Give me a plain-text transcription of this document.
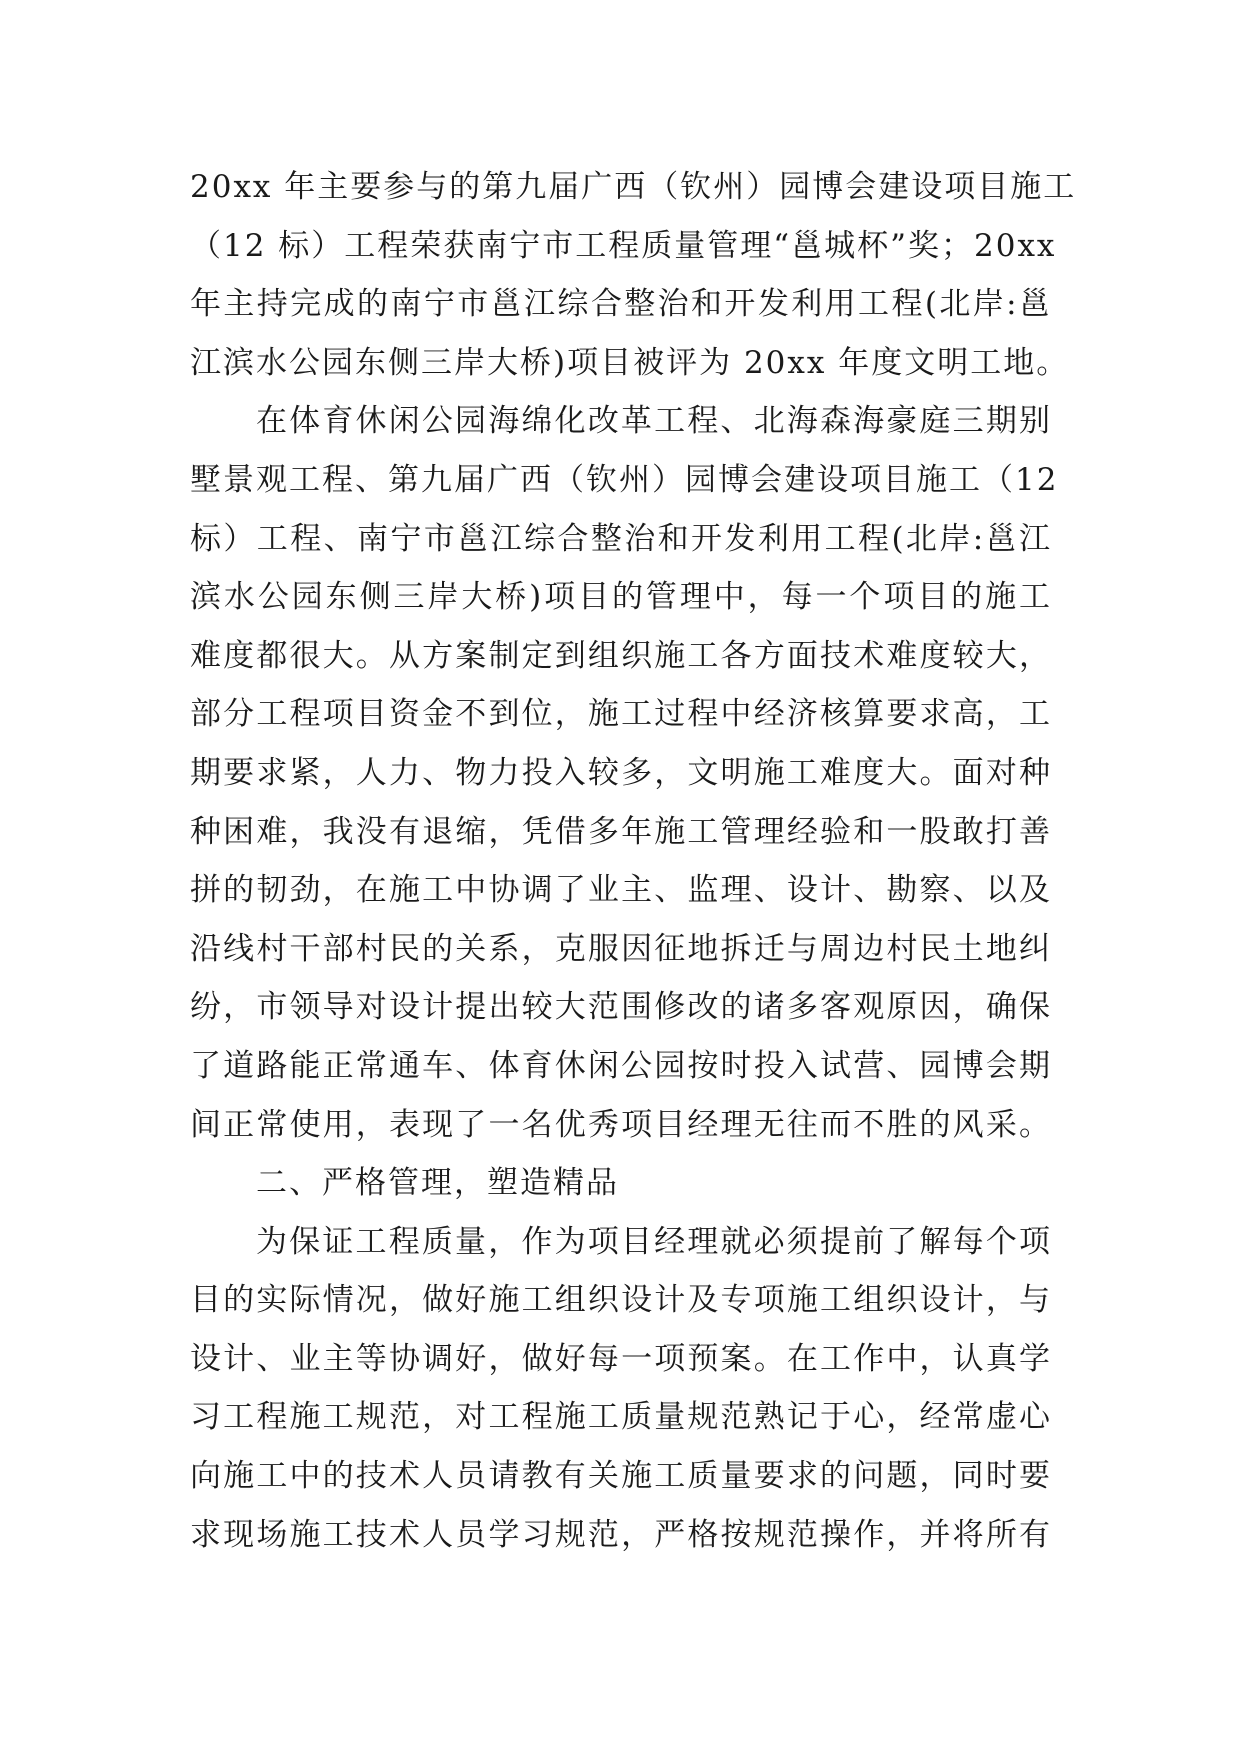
20xx 年主要参与的第九届广西（钦州）园博会建设项目施工
（12 标）工程荣获南宁市工程质量管理“邕城杯”奖；20xx
年主持完成的南宁市邕江综合整治和开发利用工程(北岸:邕
江滨水公园东侧三岸大桥)项目被评为 20xx 年度文明工地。
在体育休闲公园海绵化改革工程、北海森海豪庭三期别
墅景观工程、第九届广西（钦州）园博会建设项目施工（12
标）工程、南宁市邕江综合整治和开发利用工程(北岸:邕江
滨水公园东侧三岸大桥)项目的管理中，每一个项目的施工
难度都很大。从方案制定到组织施工各方面技术难度较大，
部分工程项目资金不到位，施工过程中经济核算要求高，工
期要求紧，人力、物力投入较多，文明施工难度大。面对种
种困难，我没有退缩，凭借多年施工管理经验和一股敢打善
拼的韧劲，在施工中协调了业主、监理、设计、勘察、以及
沿线村干部村民的关系，克服因征地拆迁与周边村民土地纠
纷，市领导对设计提出较大范围修改的诸多客观原因，确保
了道路能正常通车、体育休闲公园按时投入试营、园博会期
间正常使用，表现了一名优秀项目经理无往而不胜的风采。
二、严格管理，塑造精品
为保证工程质量，作为项目经理就必须提前了解每个项
目的实际情况，做好施工组织设计及专项施工组织设计，与
设计、业主等协调好，做好每一项预案。在工作中，认真学
习工程施工规范，对工程施工质量规范熟记于心，经常虚心
向施工中的技术人员请教有关施工质量要求的问题，同时要
求现场施工技术人员学习规范，严格按规范操作，并将所有
